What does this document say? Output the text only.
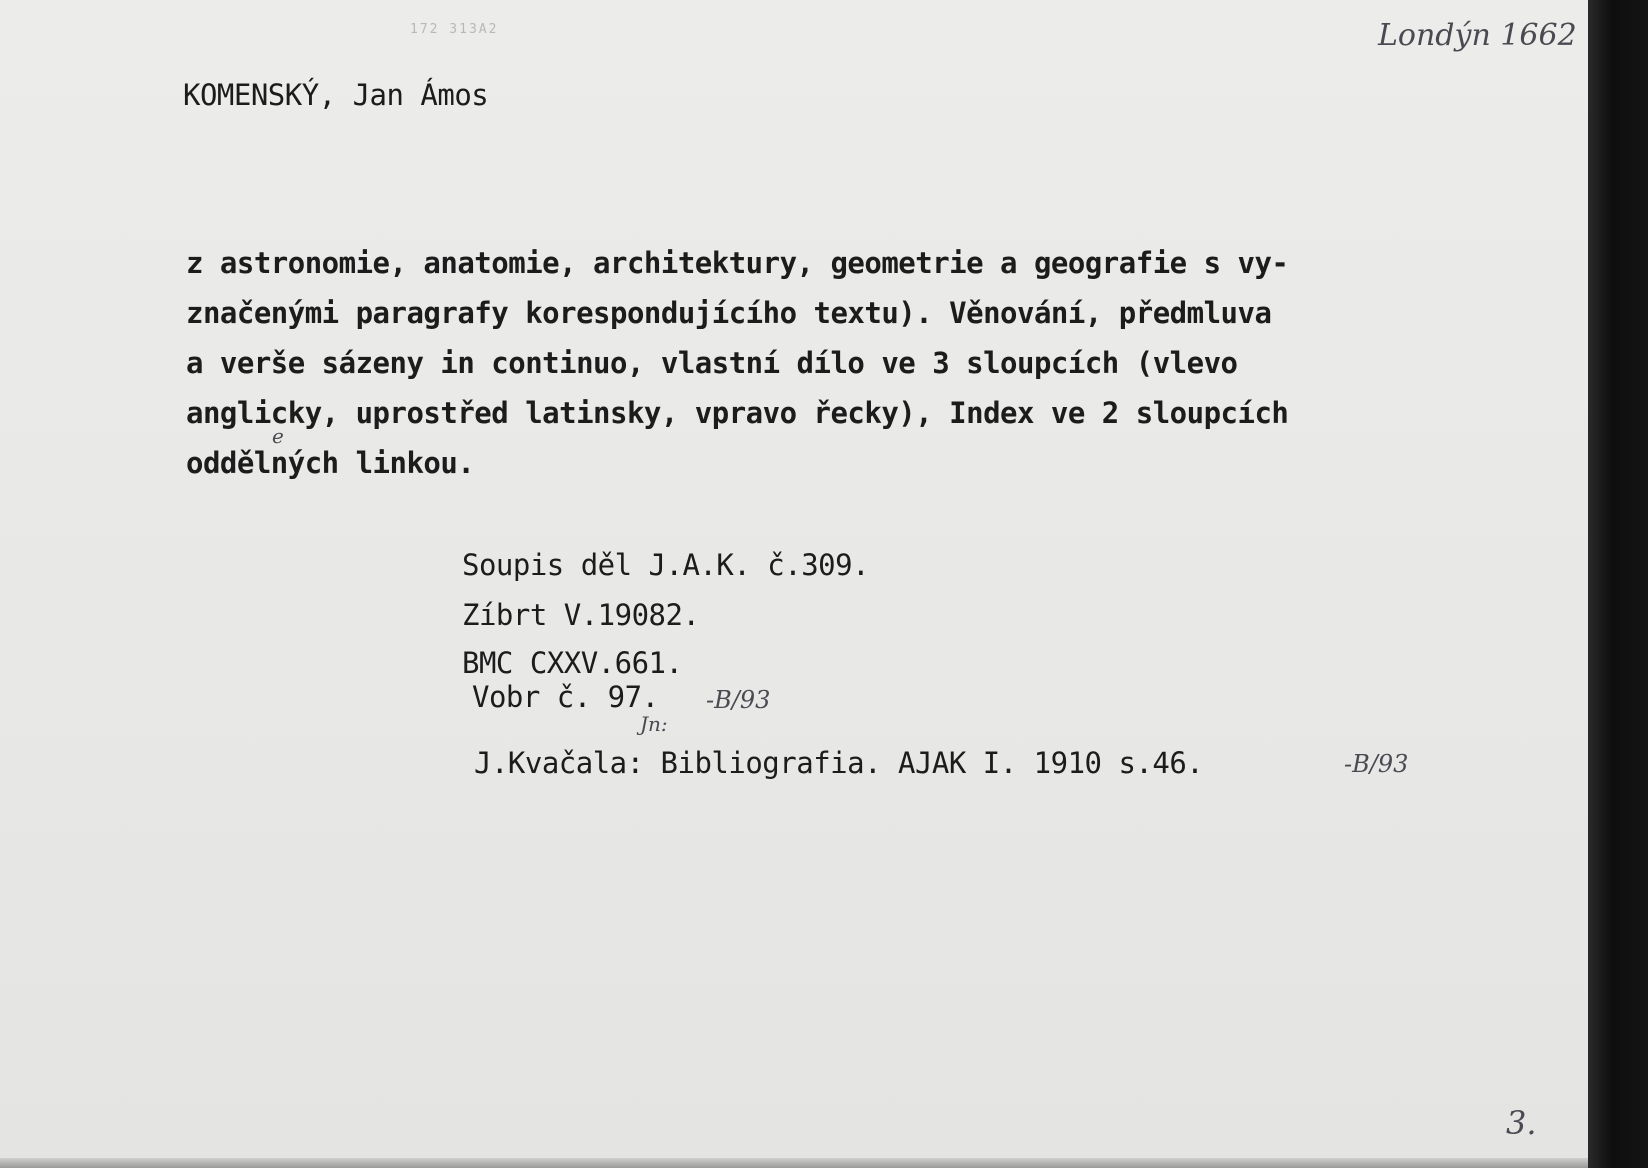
172 313A2	Londýn 1662
KOMENSKÝ, Jan Ámos
z astronomie, anatomie, architektury, geometrie a geografie s vy-
značenými paragrafy korespondujícího textu). Věnování, předmluva
a verše sázeny in continuo, vlastní dílo ve 3 sloupcích (vlevo
anglicky, uprostřed latinsky, vpravo řecky), Index ve 2 sloupcích
oddělných linkou.
e
Soupis děl J.A.K. č.309.
Zíbrt V.19082.
BMC CXXV.661.
Vobr č. 97. -B/93
Jn:
J.Kvačala: Bibliografia. AJAK I. 1910 s.46.	-B/93
3.
